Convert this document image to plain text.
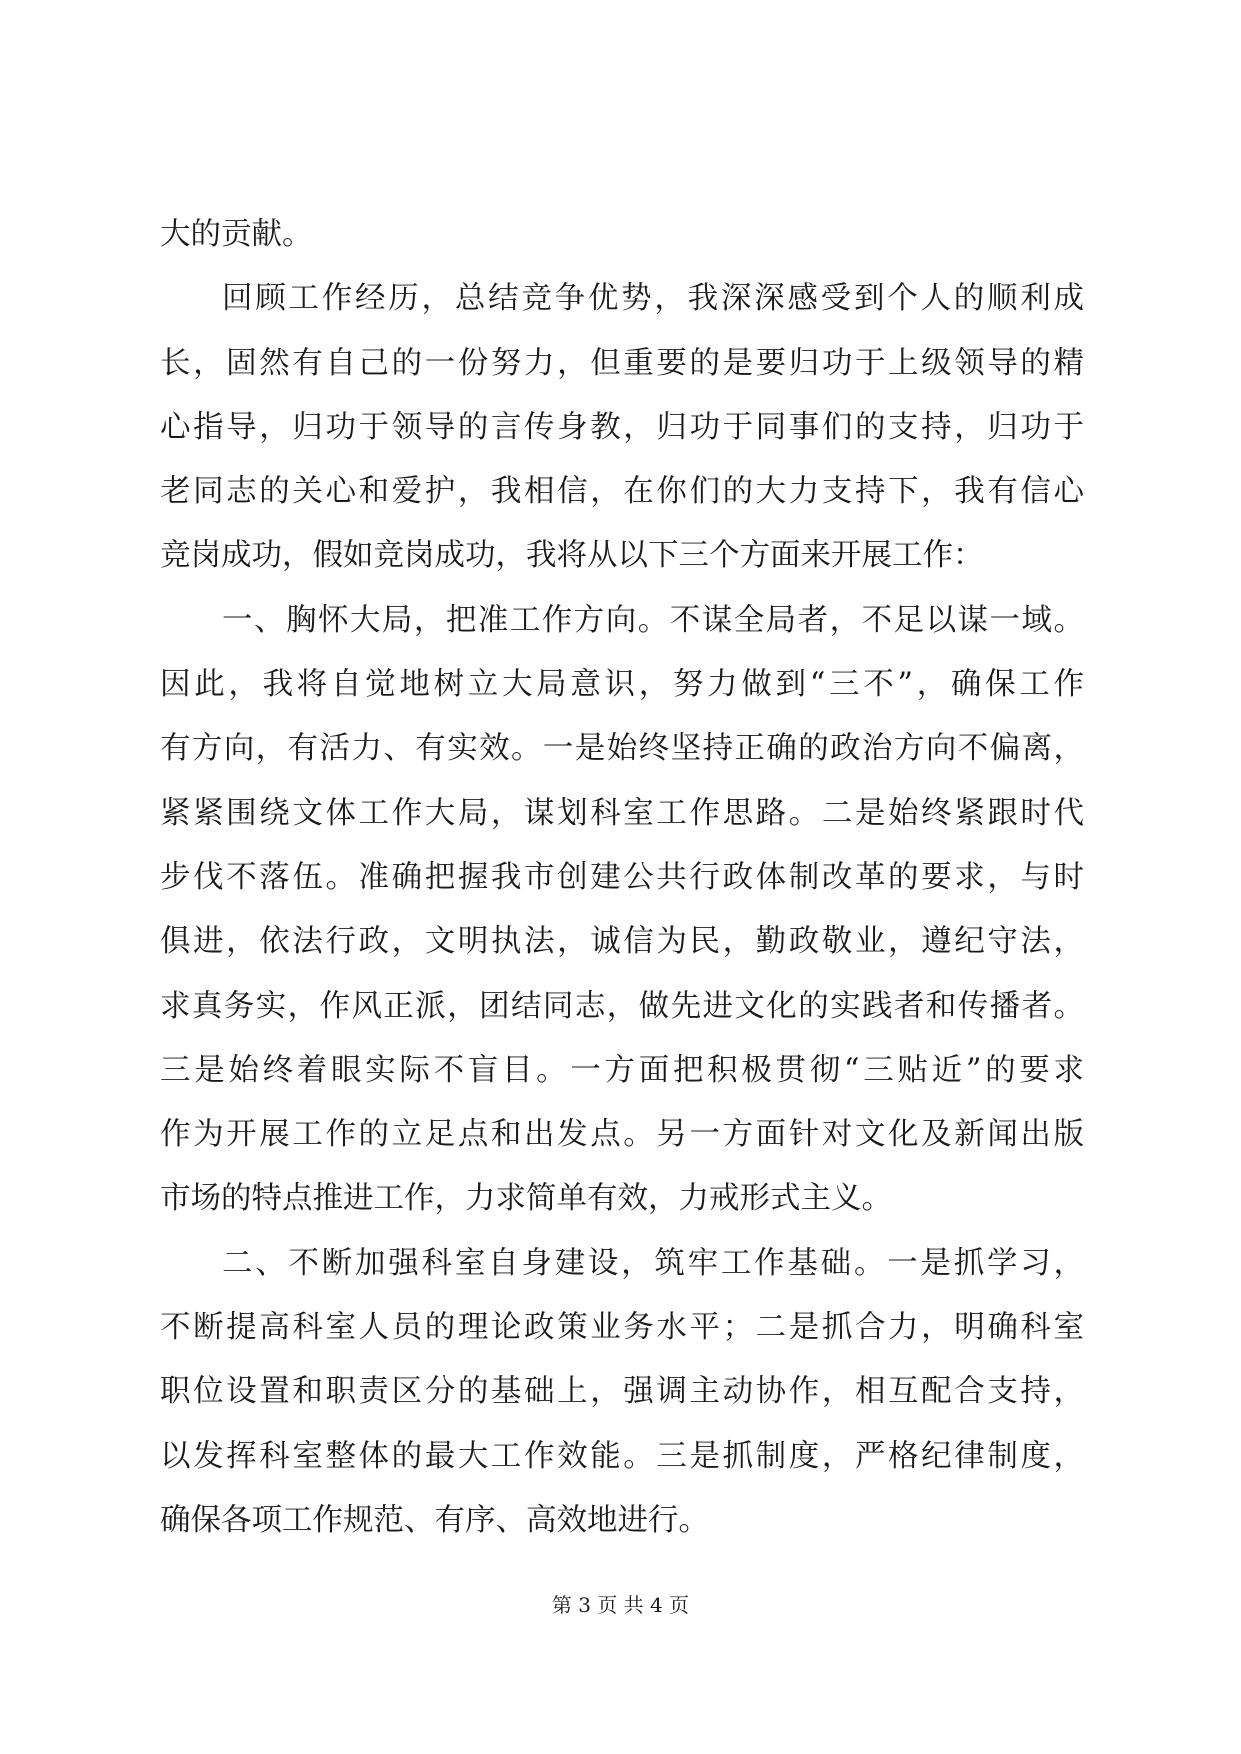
大的贡献。
回顾工作经历，总结竞争优势，我深深感受到个人的顺利成
长，固然有自己的一份努力，但重要的是要归功于上级领导的精
心指导，归功于领导的言传身教，归功于同事们的支持，归功于
老同志的关心和爱护，我相信，在你们的大力支持下，我有信心
竞岗成功，假如竞岗成功，我将从以下三个方面来开展工作：
一、胸怀大局，把准工作方向。不谋全局者，不足以谋一域。
因此，我将自觉地树立大局意识，努力做到“三不”，确保工作
有方向，有活力、有实效。一是始终坚持正确的政治方向不偏离，
紧紧围绕文体工作大局，谋划科室工作思路。二是始终紧跟时代
步伐不落伍。准确把握我市创建公共行政体制改革的要求，与时
俱进，依法行政，文明执法，诚信为民，勤政敬业，遵纪守法，
求真务实，作风正派，团结同志，做先进文化的实践者和传播者。
三是始终着眼实际不盲目。一方面把积极贯彻“三贴近”的要求
作为开展工作的立足点和出发点。另一方面针对文化及新闻出版
市场的特点推进工作，力求简单有效，力戒形式主义。
二、不断加强科室自身建设，筑牢工作基础。一是抓学习，
不断提高科室人员的理论政策业务水平；二是抓合力，明确科室
职位设置和职责区分的基础上，强调主动协作，相互配合支持，
以发挥科室整体的最大工作效能。三是抓制度，严格纪律制度，
确保各项工作规范、有序、高效地进行。
第 3 页 共 4 页
